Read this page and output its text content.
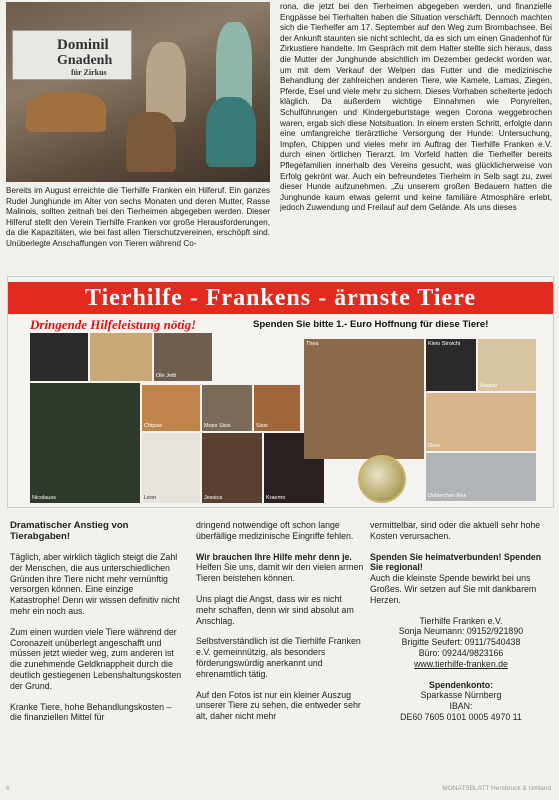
Dominil
Gnadenh
für Zirkus
Bereits im August erreichte die Tierhilfe Franken ein Hilferuf. Ein ganzes Rudel Junghunde im Alter von sechs Monaten und deren Mutter, Rasse Malinois, sollten zeitnah bei den Tierheimen abgegeben werden. Dieser Hilferuf stellt den Verein Tierhilfe Franken vor große Herausforderungen, da die Kapazitäten, wie bei fast allen Tierschutzvereinen, erschöpft sind. Unüberlegte Anschaffungen von Tieren während Co-
rona, die jetzt bei den Tierheimen abgegeben werden, und finanzielle Engpässe bei Tierhalten haben die Situation verschärft. Dennoch machten sich die Tierhelfer am 17. September auf den Weg zum Brombachsee. Bei der Ankunft staunten sie nicht schlecht, da es sich um einen Gnadenhof für Zirkustiere handelte. Im Gespräch mit dem Halter stellte sich heraus, dass die Mutter der Junghunde absichtlich im Dezember gedeckt worden war, um mit dem Verkauf der Welpen das Futter und die medizinische Behandlung der zahlreichen anderen Tiere, wie Kamele, Lamas, Ziegen, Pferde, Esel und viele mehr zu sichern. Dieses Vorhaben scheiterte jedoch kläglich. Da außerdem wichtige Einnahmen wie Ponyreiten, Schulführungen und Kindergeburtstage wegen Corona weggebrochen waren, ergab sich diese Notsituation. In einem ersten Schritt, erfolgte dann eine umfangreiche tierärztliche Versorgung der Hunde: Untersuchung, Impfen, Chippen und vieles mehr im Auftrag der Tierhilfe Franken e.V. durch einen örtlichen Tierarzt. Im Vorfeld hatten die Tierhelfer bereits Pflegefamilien innerhalb des Vereins gesucht, was glücklicherweise von Erfolg gekrönt war. Auch ein befreundetes Tierheim in Selb sagt zu, zwei dieser Hunde aufzunehmen. „Zu unserem großen Bedauern hatten die Junghunde kaum etwas gelernt und keine familiäre Atmosphäre erlebt, jedoch Zuwendung und Freilauf auf dem Gelände. Als uns dieses
Tierhilfe - Frankens - ärmste Tiere
Dringende Hilfeleistung nötig!	Spenden Sie bitte 1.- Euro Hoffnung für diese Tiere!
Ole Jetti
Nicolauss
Chipsie	Mops Sissi	Sissi
Leon	Jessica	Kraemo
Thea	Kleio Stroichi
Angelo
Oreo
Doberchen Rex
Dramatischer Anstieg von Tierabgaben!

Täglich, aber wirklich täglich steigt die Zahl der Menschen, die aus unterschiedlichen Gründen ihre Tiere nicht mehr vernünftig versorgen können. Eine einzige Katastrophe! Denn wir wissen definitiv nicht mehr ein noch aus.

Zum einen wurden viele Tiere während der Coronazeit unüberlegt angeschafft und müssen jetzt wieder weg, zum anderen ist die zunehmende Geldknappheit durch die deutlich gestiegenen Lebenshaltungskosten der Grund.

Kranke Tiere, hohe Behandlungskosten – die finanziellen Mittel für

dringend notwendige oft schon lange überfällige medizinische Eingriffe fehlen.

Wir brauchen Ihre Hilfe mehr denn je. Helfen Sie uns, damit wir den vielen armen Tieren beistehen können.

Uns plagt die Angst, dass wir es nicht mehr schaffen, denn wir sind absolut am Anschlag.

Selbstverständlich ist die Tierhilfe Franken e.V. gemeinnützig, als besonders förderungswürdig anerkannt und ehrenamtlich tätig.

Auf den Fotos ist nur ein kleiner Auszug unserer Tiere zu sehen, die entweder sehr alt, daher nicht mehr

vermittelbar, sind oder die aktuell sehr hohe Kosten verursachen.

Spenden Sie heimatverbunden! Spenden Sie regional!
Auch die kleinste Spende bewirkt bei uns Großes. Wir setzen auf Sie mit dankbarem Herzen.

Tierhilfe Franken e.V.
Sonja Neumann: 09152/921890
Brigitte Seufert: 0911/7540438
Büro: 09244/9823166
www.tierhilfe-franken.de
Spendenkonto:
Sparkasse Nürnberg
IBAN:
DE60 7605 0101 0005 4970 11
6	MONATSBLATT Hersbruck & Umland
